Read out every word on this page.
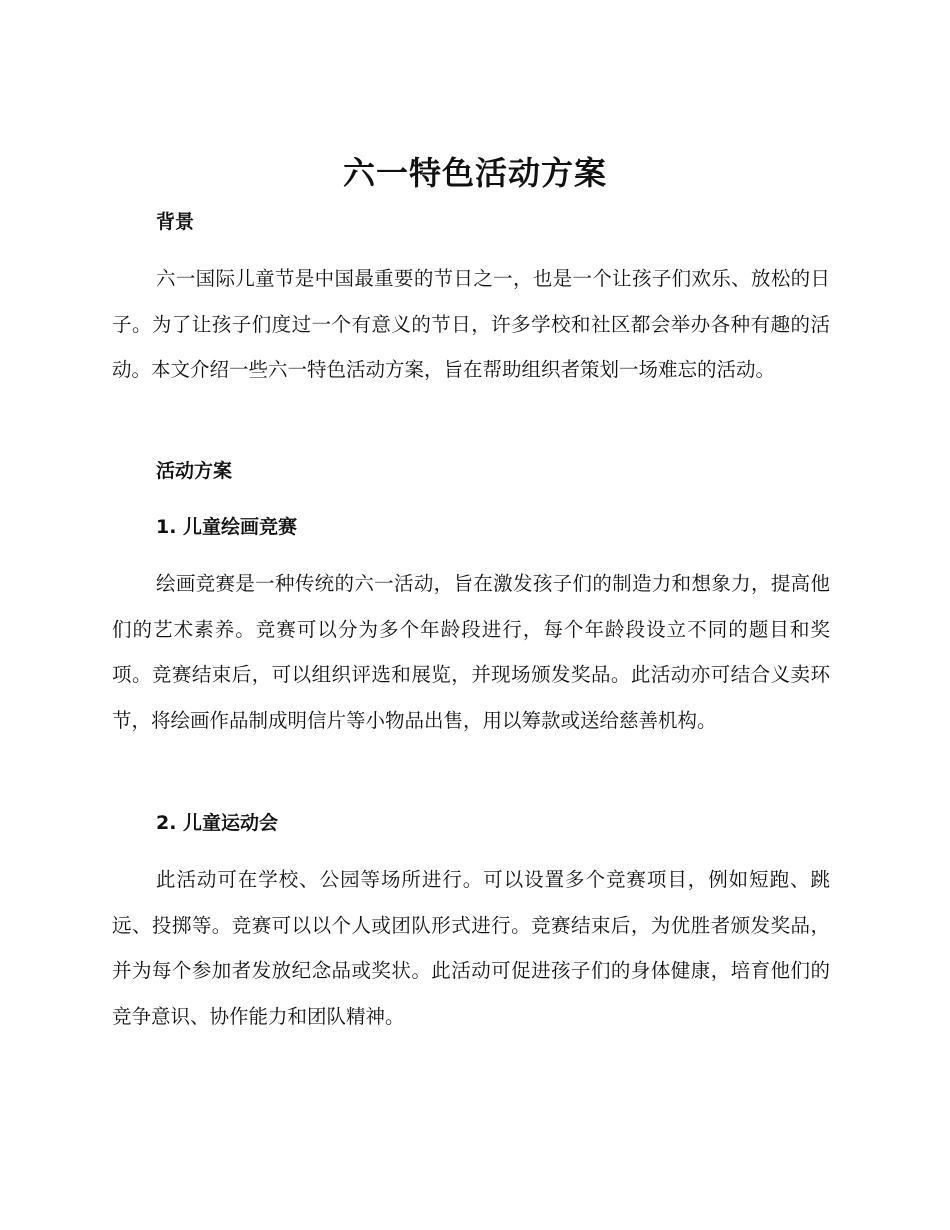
六一特色活动方案
背景

六一国际儿童节是中国最重要的节日之一，也是一个让孩子们欢乐、放松的日子。为了让孩子们度过一个有意义的节日，许多学校和社区都会举办各种有趣的活动。本文介绍一些六一特色活动方案，旨在帮助组织者策划一场难忘的活动。

活动方案
1. 儿童绘画竞赛

绘画竞赛是一种传统的六一活动，旨在激发孩子们的制造力和想象力，提高他们的艺术素养。竞赛可以分为多个年龄段进行，每个年龄段设立不同的题目和奖项。竞赛结束后，可以组织评选和展览，并现场颁发奖品。此活动亦可结合义卖环节，将绘画作品制成明信片等小物品出售，用以筹款或送给慈善机构。

2. 儿童运动会

此活动可在学校、公园等场所进行。可以设置多个竞赛项目，例如短跑、跳远、投掷等。竞赛可以以个人或团队形式进行。竞赛结束后，为优胜者颁发奖品，并为每个参加者发放纪念品或奖状。此活动可促进孩子们的身体健康，培育他们的竞争意识、协作能力和团队精神。
